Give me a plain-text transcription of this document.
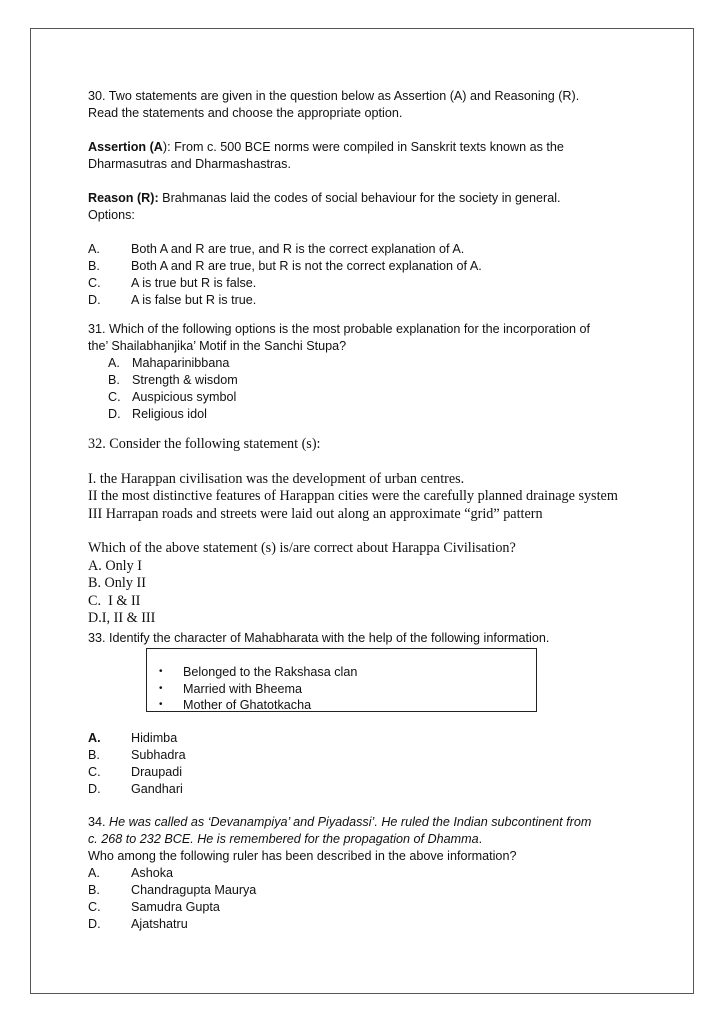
30. Two statements are given in the question below as Assertion (A) and Reasoning (R).

Read the statements and choose the appropriate option.

Assertion (A): From c. 500 BCE norms were compiled in Sanskrit texts known as the

Dharmasutras and Dharmashastras.

Reason (R): Brahmanas laid the codes of social behaviour for the society in general.

Options:

A.	Both A and R are true, and R is the correct explanation of A.
B.	Both A and R are true, but R is not the correct explanation of A.
C.	A is true but R is false.
D.	A is false but R is true.

31. Which of the following options is the most probable explanation for the incorporation of

the’ Shailabhanjika’ Motif in the Sanchi Stupa?

A. Mahaparinibbana
B. Strength & wisdom
C. Auspicious symbol
D. Religious idol

32. Consider the following statement (s):

I. the Harappan civilisation was the development of urban centres.

II the most distinctive features of Harappan cities were the carefully planned drainage system

III Harrapan roads and streets were laid out along an approximate “grid” pattern

Which of the above statement (s) is/are correct about Harappa Civilisation?

A. Only I

B. Only II

C.  I & II

D.I, II & III

33. Identify the character of Mahabharata with the help of the following information.

•	Belonged to the Rakshasa clan
•	Married with Bheema
•	Mother of Ghatotkacha
A.	Hidimba
B.	Subhadra
C.	Draupadi
D.	Gandhari

34. He was called as ‘Devanampiya’ and Piyadassi’. He ruled the Indian subcontinent from

c. 268 to 232 BCE. He is remembered for the propagation of Dhamma.

Who among the following ruler has been described in the above information?

A.	Ashoka
B.	Chandragupta Maurya
C.	Samudra Gupta
D.	Ajatshatru
